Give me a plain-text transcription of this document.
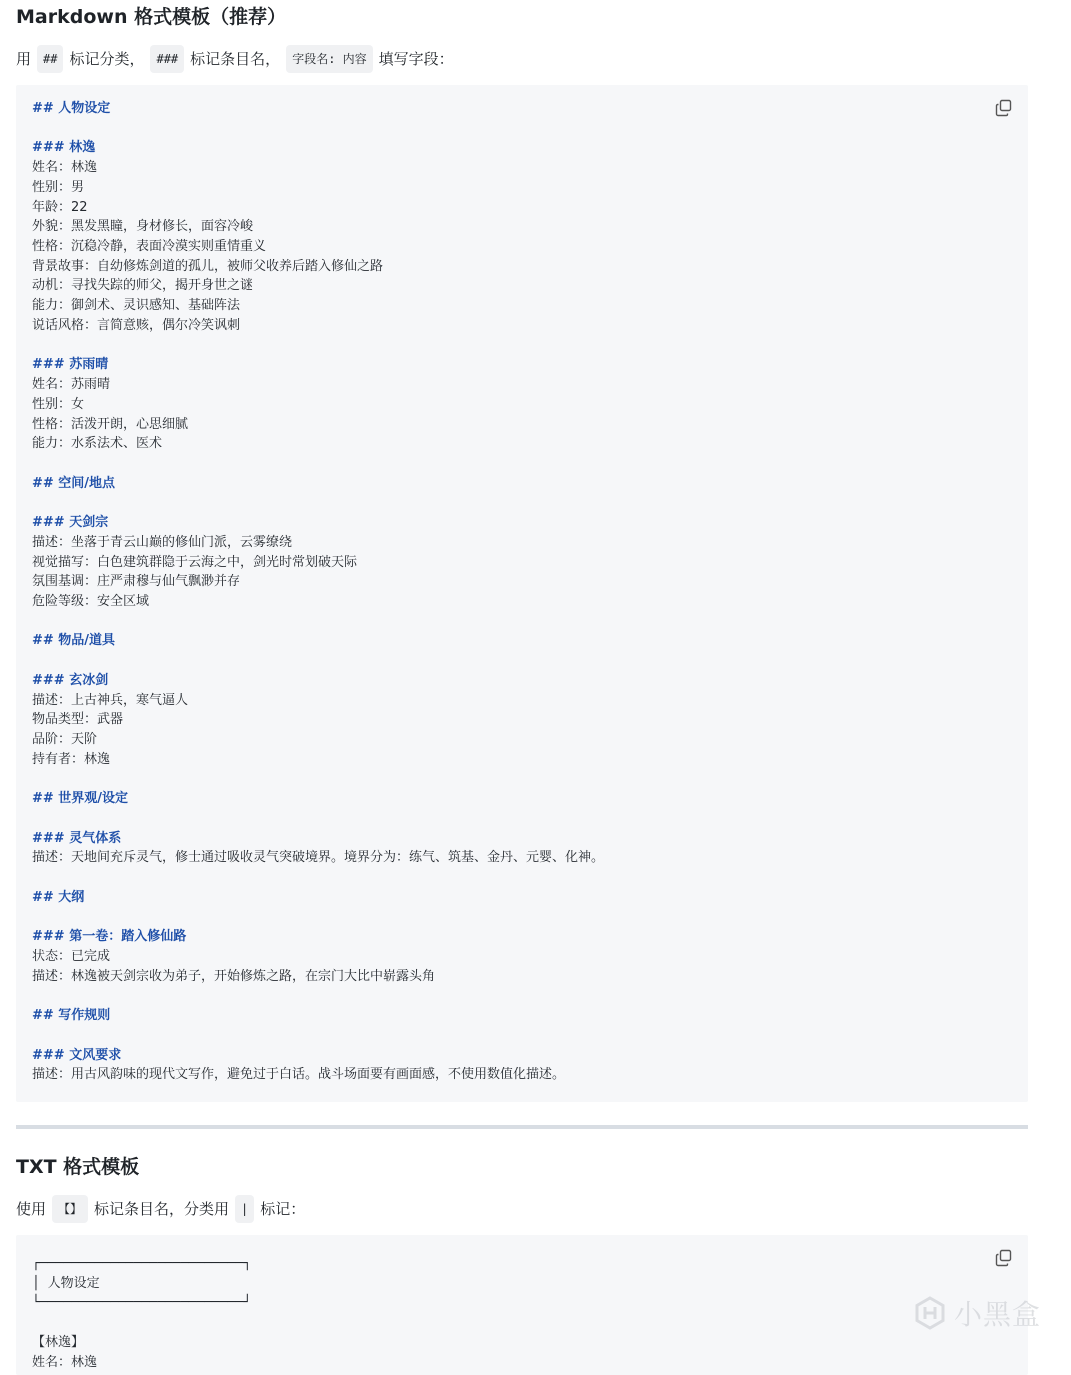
Markdown 格式模板（推荐）
用	## 标记分类，	### 标记条目名，	字段名: 内容 填写字段：
## 人物设定
### 林逸
姓名：林逸
性别：男
年龄：22
外貌：黑发黑瞳，身材修长，面容冷峻
性格：沉稳冷静，表面冷漠实则重情重义
背景故事：自幼修炼剑道的孤儿，被师父收养后踏入修仙之路
动机：寻找失踪的师父，揭开身世之谜
能力：御剑术、灵识感知、基础阵法
说话风格：言简意赅，偶尔冷笑讽刺
### 苏雨晴
姓名：苏雨晴
性别：女
性格：活泼开朗，心思细腻
能力：水系法术、医术
## 空间/地点
### 天剑宗
描述：坐落于青云山巅的修仙门派，云雾缭绕
视觉描写：白色建筑群隐于云海之中，剑光时常划破天际
氛围基调：庄严肃穆与仙气飘渺并存
危险等级：安全区域
## 物品/道具
### 玄冰剑
描述：上古神兵，寒气逼人
物品类型：武器
品阶：天阶
持有者：林逸
## 世界观/设定
### 灵气体系
描述：天地间充斥灵气，修士通过吸收灵气突破境界。境界分为：练气、筑基、金丹、元婴、化神。
## 大纲
### 第一卷：踏入修仙路
状态：已完成
描述：林逸被天剑宗收为弟子，开始修炼之路，在宗门大比中崭露头角
## 写作规则
### 文风要求
描述：用古风韵味的现代文写作，避免过于白话。战斗场面要有画面感，不使用数值化描述。
TXT 格式模板
使用	【】 标记条目名，分类用	| 标记：
┌──────────────────────────┐
│ 人物设定
└──────────────────────────┘
【林逸】
姓名：林逸
小黑盒
